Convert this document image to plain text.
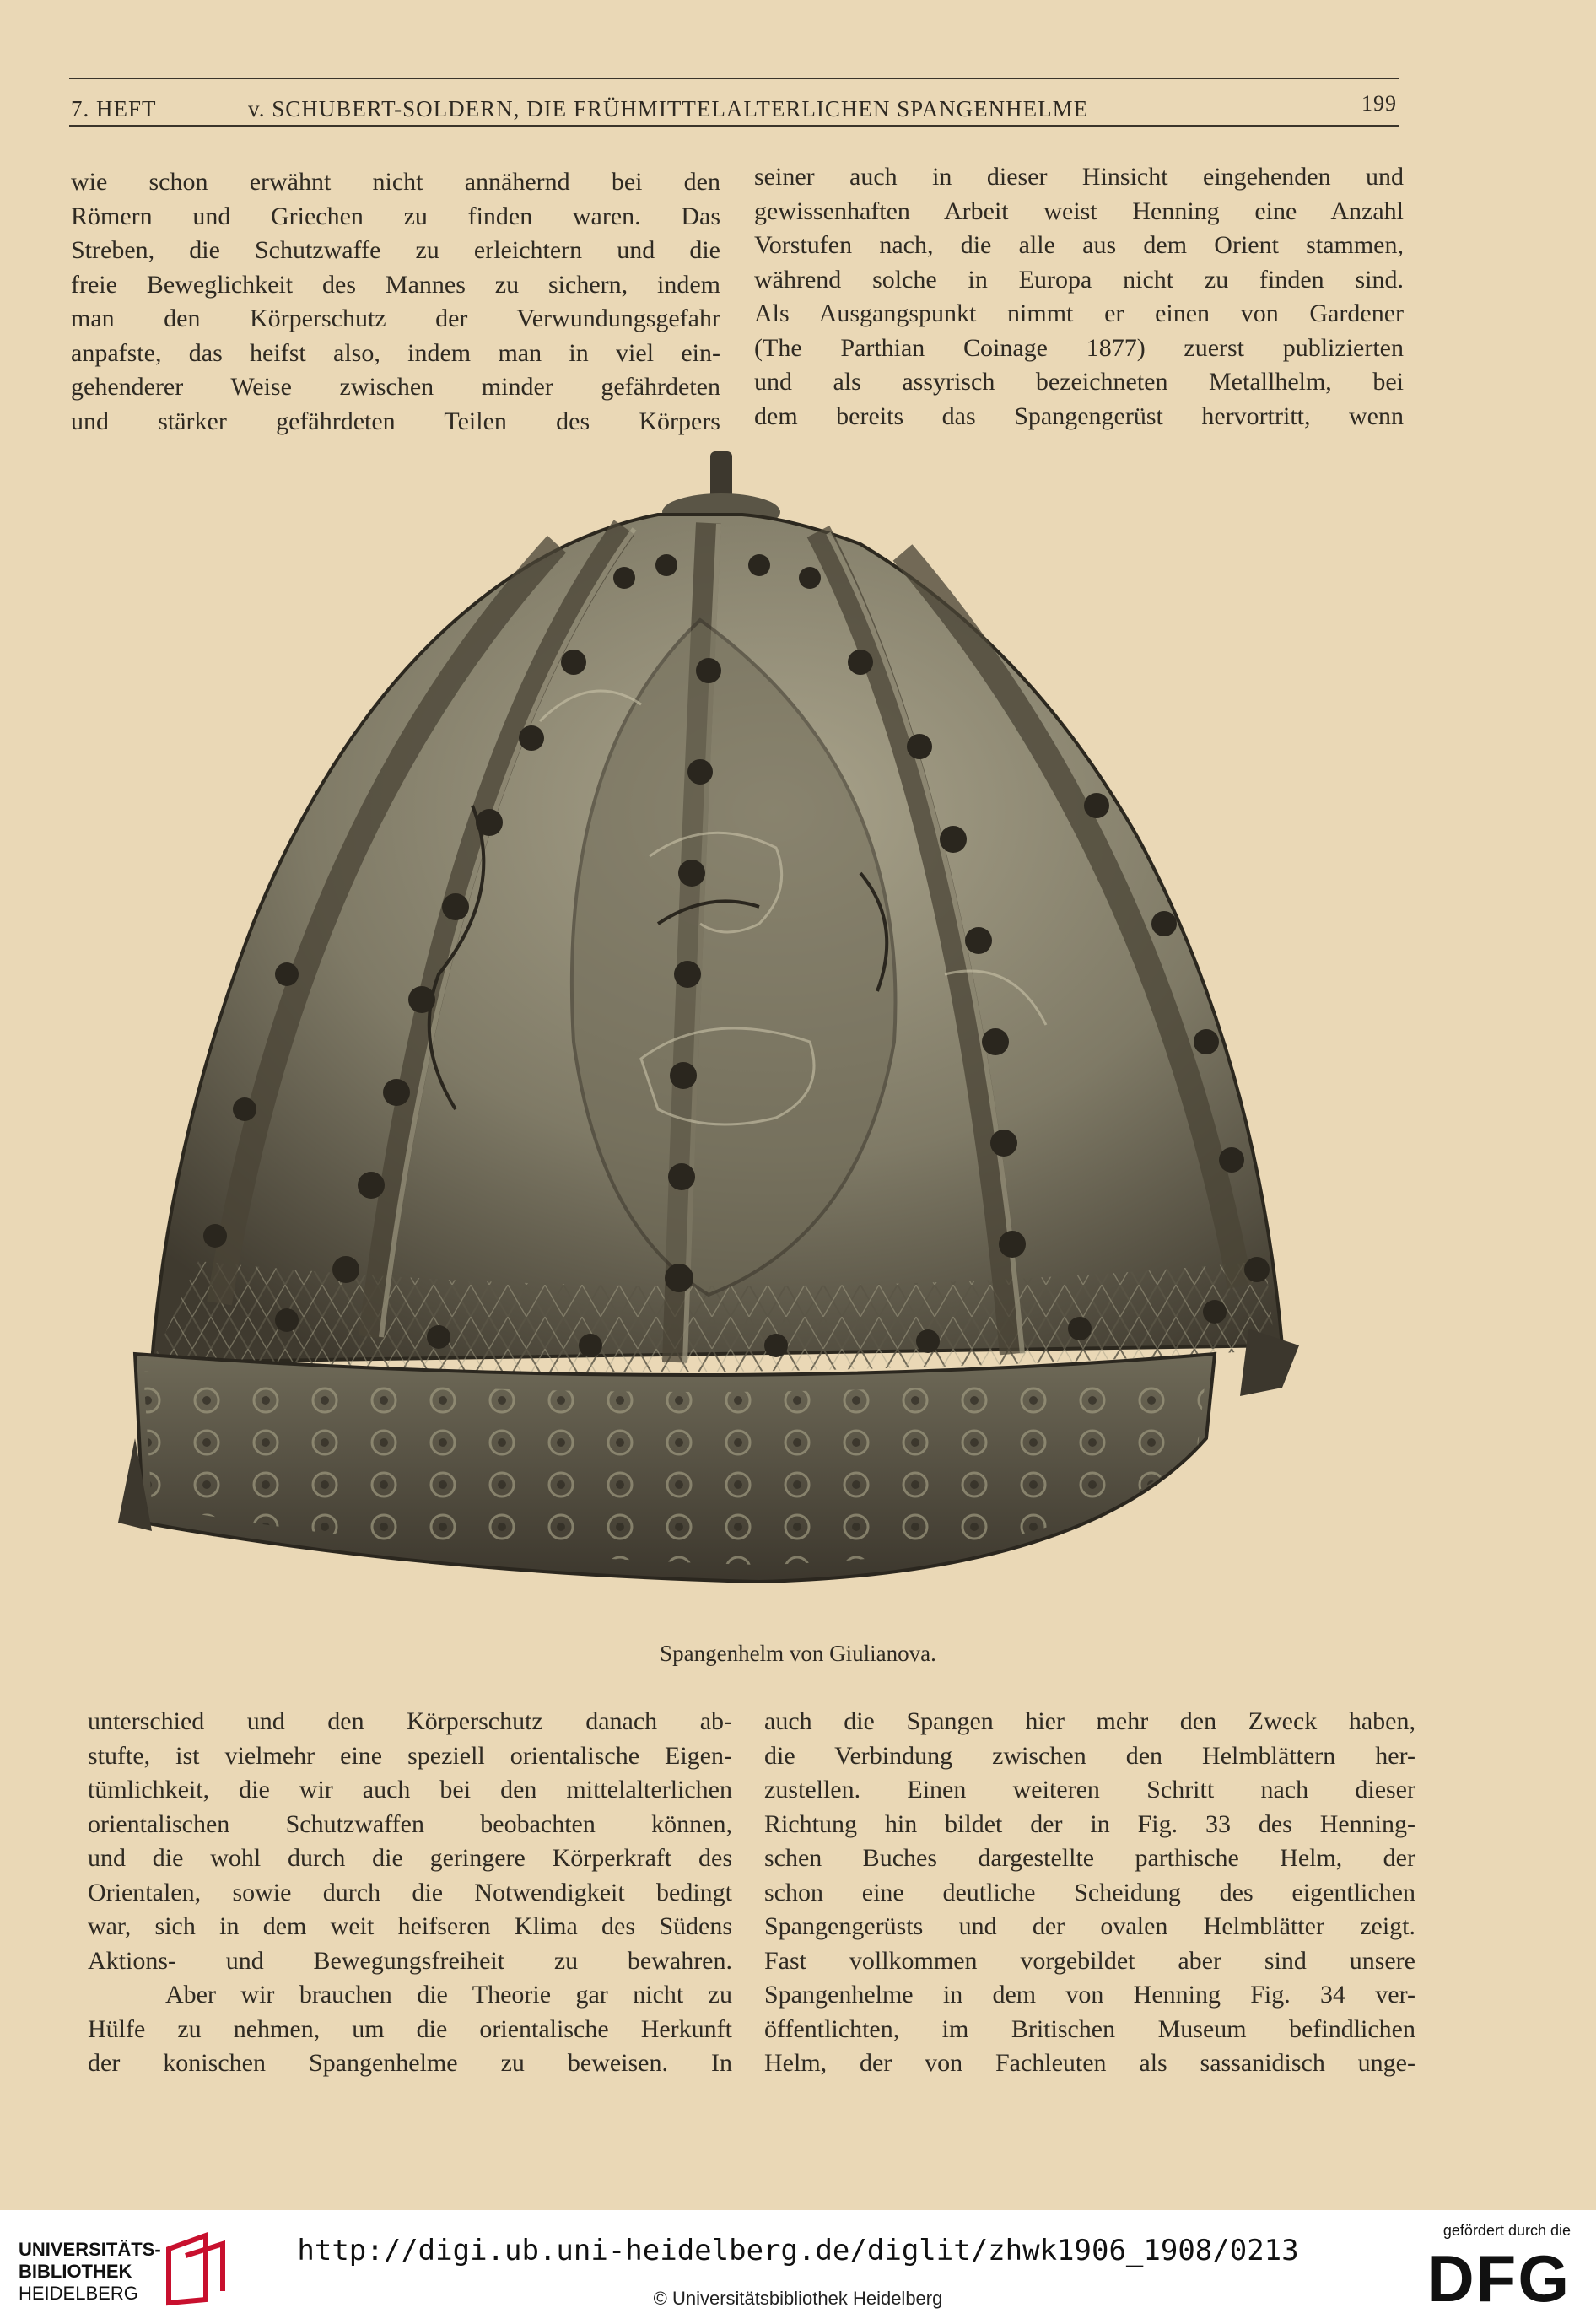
7. HEFT	v. SCHUBERT-SOLDERN, DIE FRÜHMITTELALTERLICHEN SPANGENHELME	199
wie schon erwähnt nicht annähernd bei den
Römern und Griechen zu finden waren. Das
Streben, die Schutzwaffe zu erleichtern und die
freie Beweglichkeit des Mannes zu sichern, indem
man den Körperschutz der Verwundungsgefahr
anpafste, das heifst also, indem man in viel ein-
gehenderer Weise zwischen minder gefährdeten
und stärker gefährdeten Teilen des Körpers
seiner auch in dieser Hinsicht eingehenden und
gewissenhaften Arbeit weist Henning eine Anzahl
Vorstufen nach, die alle aus dem Orient stammen,
während solche in Europa nicht zu finden sind.
Als Ausgangspunkt nimmt er einen von Gardener
(The Parthian Coinage 1877) zuerst publizierten
und als assyrisch bezeichneten Metallhelm, bei
dem bereits das Spangengerüst hervortritt, wenn
Spangenhelm von Giulianova.
unterschied und den Körperschutz danach ab-
stufte, ist vielmehr eine speziell orientalische Eigen-
tümlichkeit, die wir auch bei den mittelalterlichen
orientalischen Schutzwaffen beobachten können,
und die wohl durch die geringere Körperkraft des
Orientalen, sowie durch die Notwendigkeit bedingt
war, sich in dem weit heifseren Klima des Südens
Aktions- und Bewegungsfreiheit zu bewahren.
Aber wir brauchen die Theorie gar nicht zu
Hülfe zu nehmen, um die orientalische Herkunft
der konischen Spangenhelme zu beweisen. In
auch die Spangen hier mehr den Zweck haben,
die Verbindung zwischen den Helmblättern her-
zustellen. Einen weiteren Schritt nach dieser
Richtung hin bildet der in Fig. 33 des Henning-
schen Buches dargestellte parthische Helm, der
schon eine deutliche Scheidung des eigentlichen
Spangengerüsts und der ovalen Helmblätter zeigt.
Fast vollkommen vorgebildet aber sind unsere
Spangenhelme in dem von Henning Fig. 34 ver-
öffentlichten, im Britischen Museum befindlichen
Helm, der von Fachleuten als sassanidisch unge-
UNIVERSITÄTS-
BIBLIOTHEK
HEIDELBERG
http://digi.ub.uni-heidelberg.de/diglit/zhwk1906_1908/0213
© Universitätsbibliothek Heidelberg
gefördert durch die
DFG
